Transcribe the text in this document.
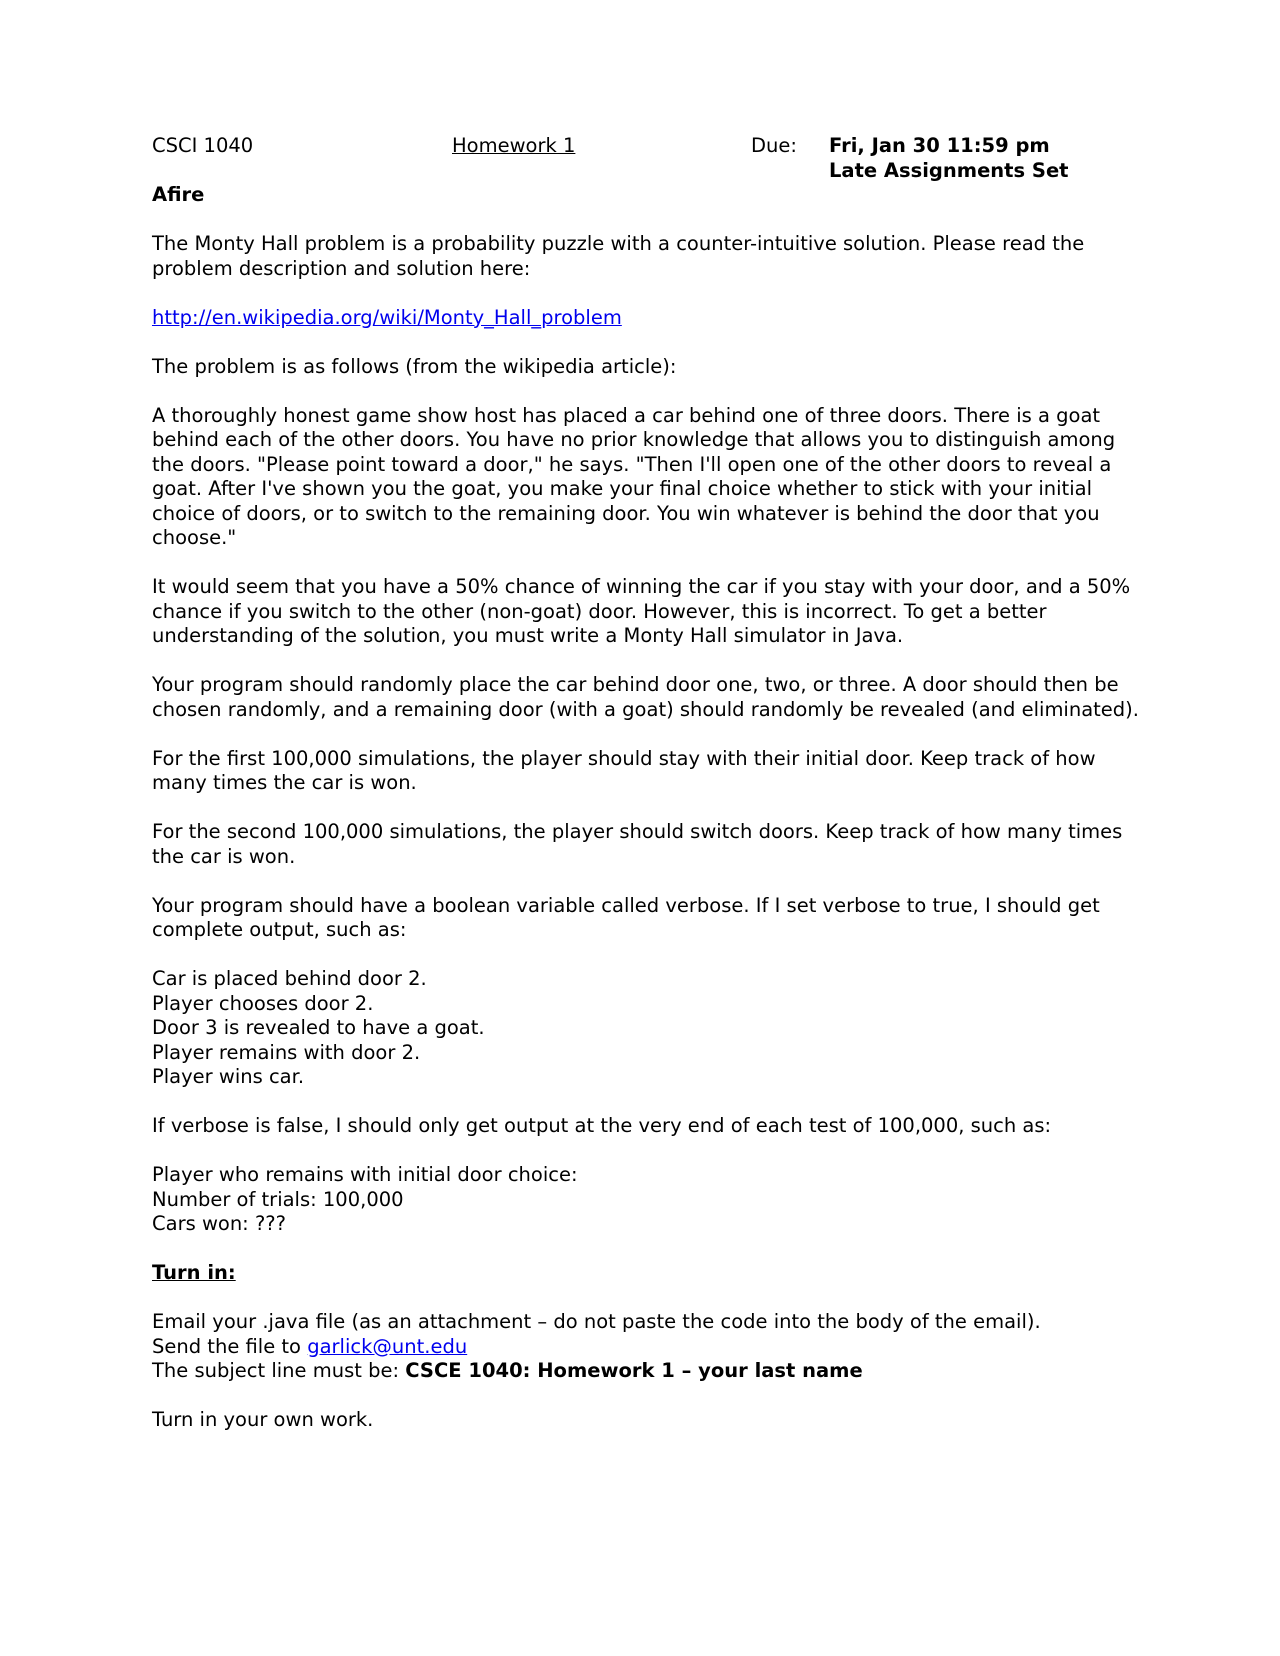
CSCI 1040	Homework 1	Due: Fri, Jan 30 11:59 pm
Late Assignments Set
Afire

The Monty Hall problem is a probability puzzle with a counter-intuitive solution. Please read the problem description and solution here:

http://en.wikipedia.org/wiki/Monty_Hall_problem

The problem is as follows (from the wikipedia article):

A thoroughly honest game show host has placed a car behind one of three doors. There is a goat behind each of the other doors. You have no prior knowledge that allows you to distinguish among the doors. "Please point toward a door," he says. "Then I'll open one of the other doors to reveal a goat. After I've shown you the goat, you make your final choice whether to stick with your initial choice of doors, or to switch to the remaining door. You win whatever is behind the door that you choose."

It would seem that you have a 50% chance of winning the car if you stay with your door, and a 50% chance if you switch to the other (non-goat) door. However, this is incorrect. To get a better understanding of the solution, you must write a Monty Hall simulator in Java.

Your program should randomly place the car behind door one, two, or three. A door should then be chosen randomly, and a remaining door (with a goat) should randomly be revealed (and eliminated).

For the first 100,000 simulations, the player should stay with their initial door. Keep track of how many times the car is won.

For the second 100,000 simulations, the player should switch doors. Keep track of how many times the car is won.

Your program should have a boolean variable called verbose. If I set verbose to true, I should get complete output, such as:

Car is placed behind door 2.
Player chooses door 2.
Door 3 is revealed to have a goat.
Player remains with door 2.
Player wins car.

If verbose is false, I should only get output at the very end of each test of 100,000, such as:

Player who remains with initial door choice:
Number of trials: 100,000
Cars won: ???

Turn in:

Email your .java file (as an attachment – do not paste the code into the body of the email).
Send the file to garlick@unt.edu
The subject line must be: CSCE 1040: Homework 1 – your last name

Turn in your own work.
